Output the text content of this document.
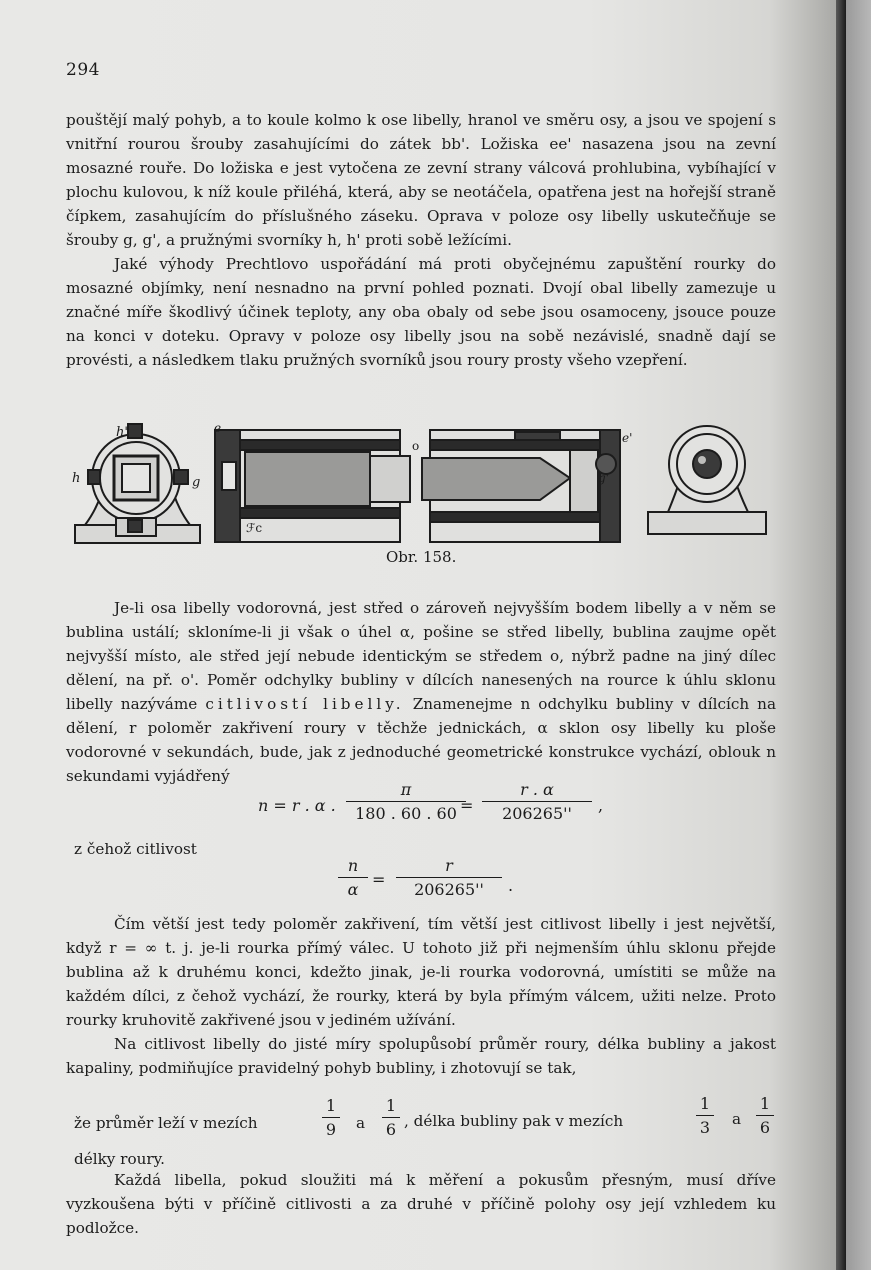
294

pouštějí malý pohyb, a to koule kolmo k ose libelly, hranol ve směru osy, a jsou ve spojení s vnitřní rourou šrouby zasahujícími do zátek bb'. Ložiska ee' nasazena jsou na zevní mosazné rouře. Do ložiska e jest vytočena ze zevní strany válcová prohlubina, vybíhající v plochu kulovou, k níž koule přiléhá, která, aby se neotáčela, opatřena jest na hořejší straně čípkem, zasahujícím do příslušného záseku. Oprava v poloze osy libelly uskutečňuje se šrouby g, g', a pružnými svorníky h, h' proti sobě ležícími.

Jaké výhody Prechtlovo uspořádání má proti obyčejnému zapuštění rourky do mosazné objímky, není nesnadno na první pohled poznati. Dvojí obal libelly zamezuje u značné míře škodlivý účinek teploty, any oba obaly od sebe jsou osamoceny, jsouce pouze na konci v doteku. Opravy v poloze osy libelly jsou na sobě nezávislé, snadně dají se provésti, a následkem tlaku pružných svorníků jsou roury prosty všeho vzepření.

h'
h	g
e
ℱc
o
e'
g'
Obr. 158.

Je-li osa libelly vodorovná, jest střed o zároveň nejvyšším bodem libelly a v něm se bublina ustálí; skloníme-li ji však o úhel α, pošine se střed libelly, bublina zaujme opět nejvyšší místo, ale střed její nebude identickým se středem o, nýbrž padne na jiný dílec dělení, na př. o'. Poměr odchylky bubliny v dílcích nanesených na rource k úhlu sklonu libelly nazýváme citlivostí libelly. Znamenejme n odchylku bubliny v dílcích na dělení, r poloměr zakřivení roury v těchže jednickách, α sklon osy libelly ku ploše vodorovné v sekundách, bude, jak z jednoduché geometrické konstrukce vychází, oblouk n sekundami vyjádřený

n = r . α .
π
180 . 60 . 60 =
r . α
206265''	,
z čehož citlivost
n
α
=
r
206265''	.

Čím větší jest tedy poloměr zakřivení, tím větší jest citlivost libelly i jest největší, když r = ∞ t. j. je-li rourka přímý válec. U tohoto již při nejmenším úhlu sklonu přejde bublina až k druhému konci, kdežto jinak, je-li rourka vodorovná, umístiti se může na každém dílci, z čehož vychází, že rourky, která by byla přímým válcem, užiti nelze. Proto rourky kruhovitě zakřivené jsou v jediném užívání.

Na citlivost libelly do jisté míry spolupůsobí průměr roury, délka bubliny a jakost kapaliny, podmiňujíce pravidelný pohyb bubliny, i zhotovují se tak,

že průměr leží v mezích
1
9 a
1
6 , délka bubliny pak v mezích
1
3 a
1
6
délky roury.

Každá libella, pokud sloužiti má k měření a pokusům přesným, musí dříve vyzkoušena býti v příčině citlivosti a za druhé v příčině polohy osy její vzhledem ku podložce.
